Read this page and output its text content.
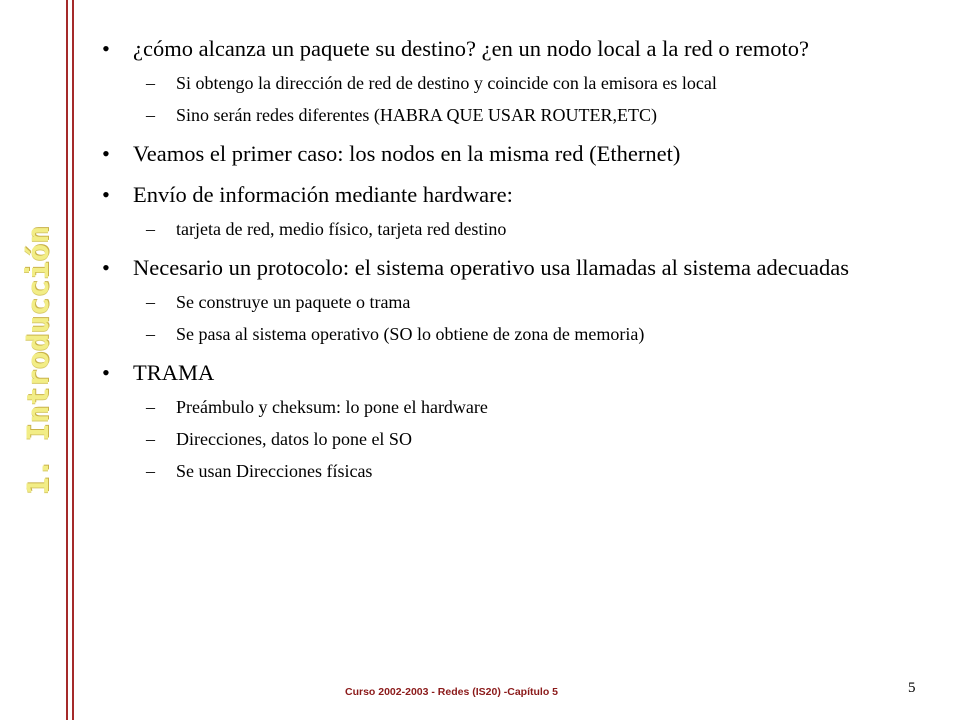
1. Introducción
• ¿cómo alcanza un paquete su destino? ¿en un nodo local a la red o remoto?
– Si obtengo la dirección de red de destino y coincide con la emisora es local
– Sino serán redes diferentes (HABRA QUE USAR ROUTER,ETC)
• Veamos el primer caso: los nodos en la misma red (Ethernet)
• Envío de información mediante hardware:
– tarjeta de red, medio físico, tarjeta red destino
• Necesario un protocolo: el sistema operativo usa llamadas al sistema adecuadas
– Se construye un paquete o trama
– Se pasa al sistema operativo (SO lo obtiene de zona de memoria)
• TRAMA
– Preámbulo y cheksum: lo pone el hardware
– Direcciones, datos lo pone el SO
– Se usan Direcciones físicas
Curso 2002-2003 - Redes (IS20) -Capítulo 5	5
